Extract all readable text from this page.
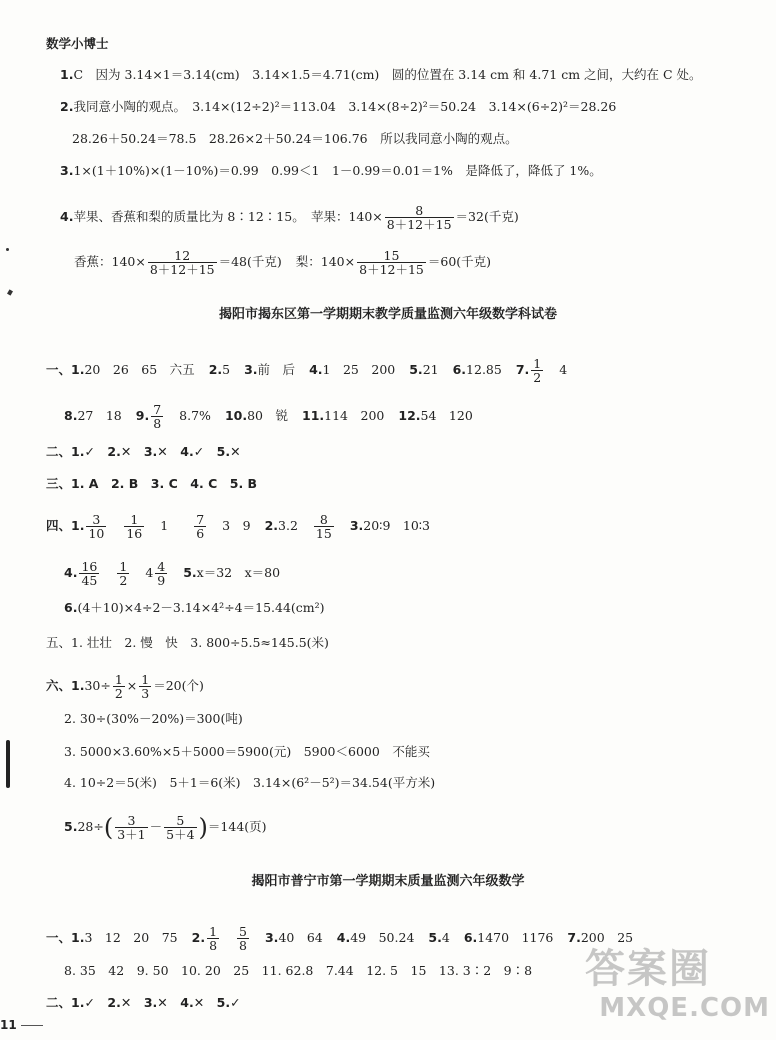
数学小博士
1.C　因为 3.14×1＝3.14(cm)　3.14×1.5＝4.71(cm)　圆的位置在 3.14 cm 和 4.71 cm 之间，大约在 C 处。
2.我同意小陶的观点。　3.14×(12÷2)²＝113.04　3.14×(8÷2)²＝50.24　3.14×(6÷2)²＝28.26
28.26＋50.24＝78.5　28.26×2＋50.24＝106.76　所以我同意小陶的观点。
3.1×(1＋10%)×(1－10%)＝0.99　0.99＜1　1－0.99＝0.01＝1%　是降低了，降低了 1%。
4.苹果、香蕉和梨的质量比为 8∶12∶15。　苹果：$140\times \frac{8}{8+12+15} =32$(千克)
香蕉：$140\times \frac{12}{8+12+15} =48$(千克) 梨：$140\times \frac{15}{8+12+15} =60$(千克)
揭阳市揭东区第一学期期末教学质量监测六年级数学科试卷
一、1.20　26　65　六五 2.5 3.前　后 4.1　25　200 5.21 6.12.85 7. $\frac{1}{2} 4$
8.27　18 9. $\frac{7}{8} 8.7\%$ 10.80　锐 11.114　200 12.54　120
二、1.✓　2.✕　3.✕　4.✓　5.✕
三、1. A　2. B　3. C　4. C　5. B
四、1. $\frac{3}{10} \frac{1}{16} 1 \frac{7}{6} 3$　9 $2.3.2 \frac{8}{15}$ 3.20∶9　10∶3
4. $\frac{16}{45} \frac{1}{2} 4 \frac{4}{9} 5.x=32$　x＝80
6.(4＋10)×4÷2－3.14×4²÷4＝15.44(cm²)
五、1. 壮壮　2. 慢　快　3. 800÷5.5≈145.5(米)
六、$1.30\div \frac{1}{2} \times \frac{1}{3} =20$(个)
2. 30÷(30%－20%)＝300(吨)
3. 5000×3.60%×5＋5000＝5900(元)　5900＜6000　不能买
4. 10÷2＝5(米)　5＋1＝6(米)　3.14×(6²－5²)＝34.54(平方米)
$5.28\div( \frac{3}{3+1} - \frac{5}{5+4} )=144$(页)
揭阳市普宁市第一学期期末质量监测六年级数学
一、1.3　12　20　75 2. $\frac{1}{8} \frac{5}{8} 3.40$　64 4.49　50.24 5.4 6.1470　1176 7.200　25
8. 35　42　9. 50　10. 20　25　11. 62.8　7.44　12. 5　15　13. 3∶2　9∶8
二、1.✓　2.✕　3.✕　4.✕　5.✓
11
答案圈
MXQE.COM
